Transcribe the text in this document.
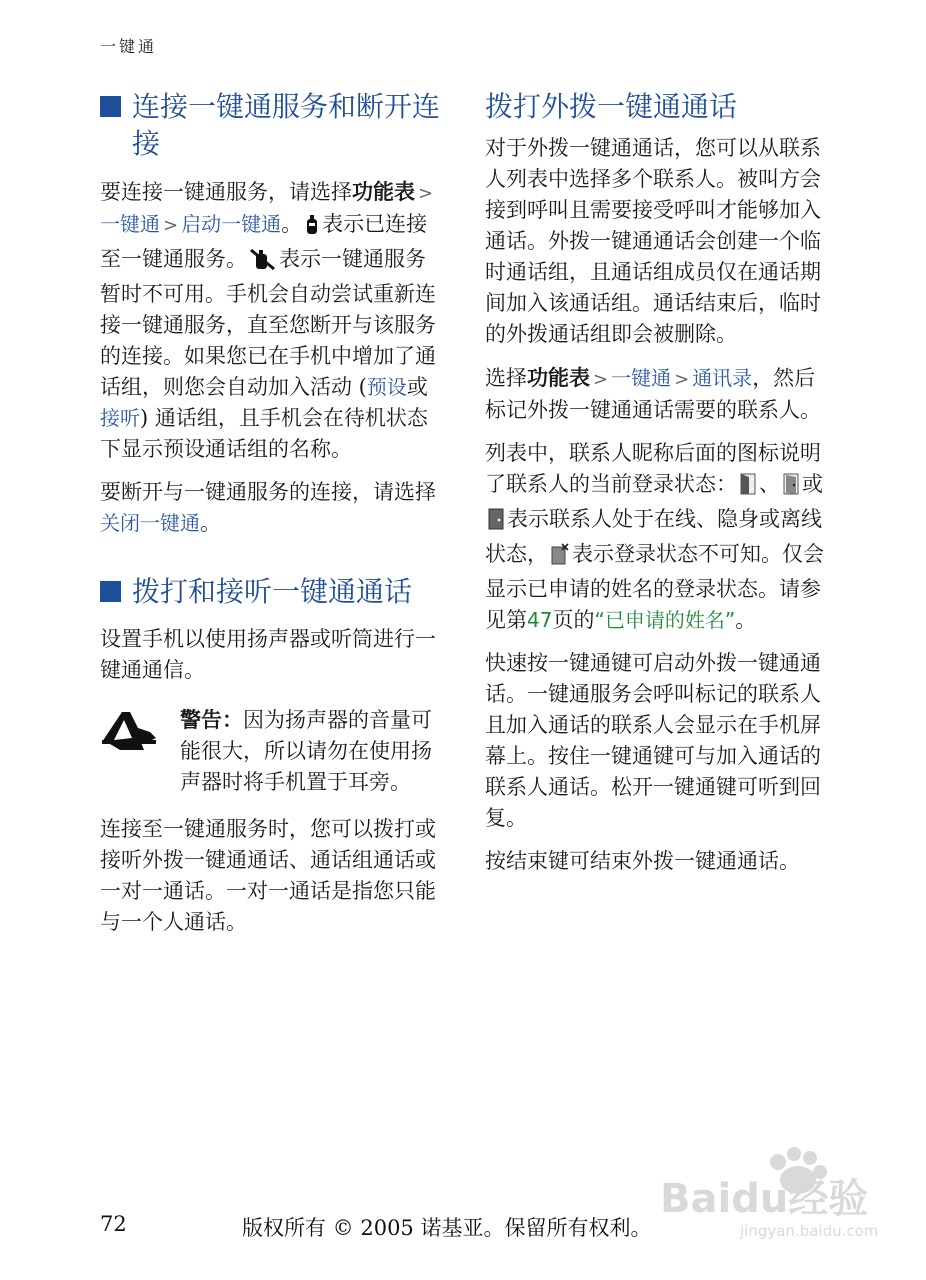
一键通
连接一键通服务和断开连接

要连接一键通服务，请选择功能表 >一键通 > 启动一键通。 表示已连接至一键通服务。 表示一键通服务暂时不可用。手机会自动尝试重新连接一键通服务，直至您断开与该服务的连接。如果您已在手机中增加了通话组，则您会自动加入活动 (预设或接听) 通话组，且手机会在待机状态下显示预设通话组的名称。

要断开与一键通服务的连接，请选择关闭一键通。

拨打和接听一键通通话

设置手机以使用扬声器或听筒进行一键通通信。

警告：因为扬声器的音量可能很大，所以请勿在使用扬声器时将手机置于耳旁。

连接至一键通服务时，您可以拨打或接听外拨一键通通话、通话组通话或一对一通话。一对一通话是指您只能与一个人通话。

拨打外拨一键通通话

对于外拨一键通通话，您可以从联系人列表中选择多个联系人。被叫方会接到呼叫且需要接受呼叫才能够加入通话。外拨一键通通话会创建一个临时通话组，且通话组成员仅在通话期间加入该通话组。通话结束后，临时的外拨通话组即会被删除。

选择功能表 > 一键通 > 通讯录，然后标记外拨一键通通话需要的联系人。

列表中，联系人昵称后面的图标说明了联系人的当前登录状态： 、 或表示联系人处于在线、隐身或离线状态， 表示登录状态不可知。仅会显示已申请的姓名的登录状态。请参见第47页的“已申请的姓名”。

快速按一键通键可启动外拨一键通通话。一键通服务会呼叫标记的联系人且加入通话的联系人会显示在手机屏幕上。按住一键通键可与加入通话的联系人通话。松开一键通键可听到回复。

按结束键可结束外拨一键通通话。

Baidu经验
jingyan.baidu.com
72	版权所有 © 2005 诺基亚。保留所有权利。
